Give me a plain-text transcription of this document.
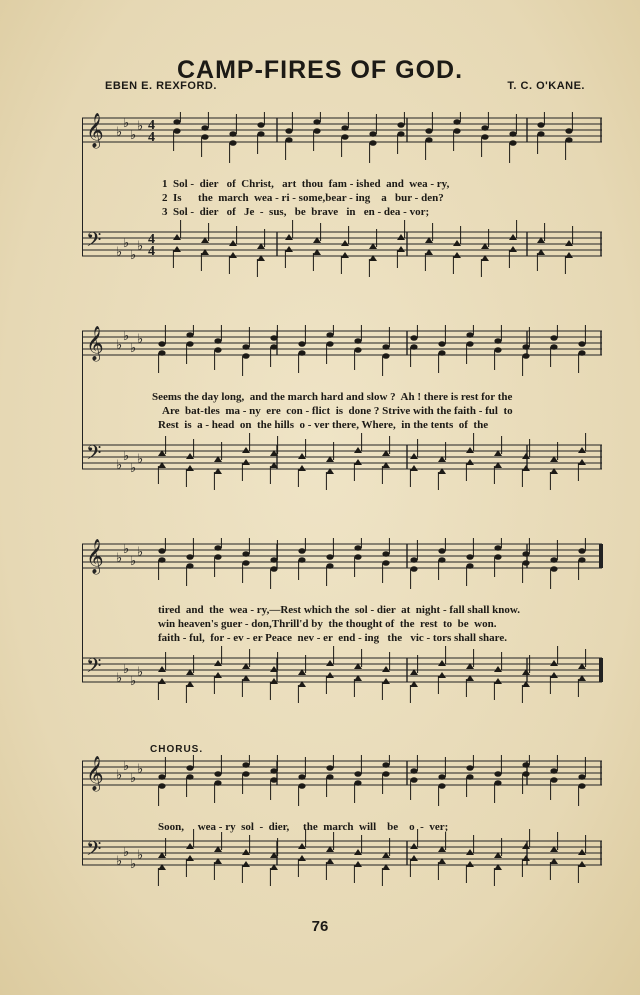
CAMP-FIRES OF GOD.
EBEN E. REXFORD.	T. C. O'KANE.
𝄞
𝄢
♭
♭
♭
♭
♭
♭
♭
♭
4
4
4
4
1  Sol -  dier   of  Christ,   art  thou  fam - ished  and  wea - ry,
2  Is      the  march  wea - ri - some,bear - ing    a   bur - den?
3  Sol -  dier   of   Je  -  sus,   be  brave   in   en - dea - vor;
𝄞
𝄢
♭
♭
♭
♭
♭
♭
♭
♭
Seems the day long,  and the march hard and slow ?  Ah ! there is rest for the
Are  bat-tles  ma - ny  ere  con - flict  is  done ? Strive with the faith - ful  to
Rest  is  a - head  on  the hills  o - ver there, Where,  in the tents  of  the
𝄞
𝄢
♭
♭
♭
♭
♭
♭
♭
♭
tired  and  the  wea - ry,—Rest which the  sol - dier  at  night - fall shall know.
win heaven's guer - don,Thrill'd by  the thought of  the  rest  to  be  won.
faith - ful,  for - ev - er Peace  nev - er  end - ing   the   vic - tors shall share.
CHORUS.
𝄞
𝄢
♭
♭
♭
♭
♭
♭
♭
♭
Soon,     wea - ry  sol  -  dier,     the  march  will    be    o  -  ver;
76
